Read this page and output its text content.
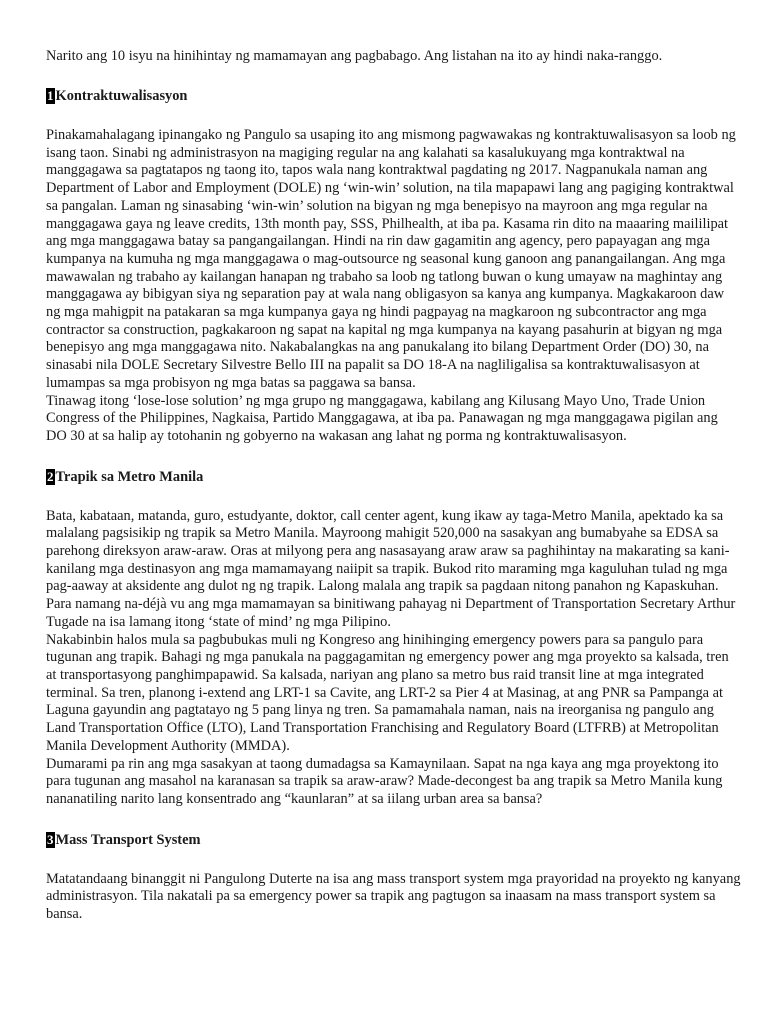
Narito ang 10 isyu na hinihintay ng mamamayan ang pagbabago. Ang listahan na ito ay hindi naka-ranggo.

1 Kontraktuwalisasyon

Pinakamahalagang ipinangako ng Pangulo sa usaping ito ang mismong pagwawakas ng kontraktuwalisasyon sa loob ng isang taon. Sinabi ng administrasyon na magiging regular na ang kalahati sa kasalukuyang mga kontraktwal na manggagawa sa pagtatapos ng taong ito, tapos wala nang kontraktwal pagdating ng 2017. Nagpanukala naman ang Department of Labor and Employment (DOLE) ng ‘win-win’ solution, na tila mapapawi lang ang pagiging kontraktwal sa pangalan. Laman ng sinasabing ‘win-win’ solution na bigyan ng mga benepisyo na mayroon ang mga regular na manggagawa gaya ng leave credits, 13th month pay, SSS, Philhealth, at iba pa. Kasama rin dito na maaaring maililipat ang mga manggagawa batay sa pangangailangan. Hindi na rin daw gagamitin ang agency, pero papayagan ang mga kumpanya na kumuha ng mga manggagawa o mag-outsource ng seasonal kung ganoon ang panangailangan. Ang mga mawawalan ng trabaho ay kailangan hanapan ng trabaho sa loob ng tatlong buwan o kung umayaw na maghintay ang manggagawa ay bibigyan siya ng separation pay at wala nang obligasyon sa kanya ang kumpanya. Magkakaroon daw ng mga mahigpit na patakaran sa mga kumpanya gaya ng hindi pagpayag na magkaroon ng subcontractor ang mga contractor sa construction, pagkakaroon ng sapat na kapital ng mga kumpanya na kayang pasahurin at bigyan ng mga benepisyo ang mga manggagawa nito. Nakabalangkas na ang panukalang ito bilang Department Order (DO) 30, na sinasabi nila DOLE Secretary Silvestre Bello III na papalit sa DO 18-A na nagliligalisa sa kontraktuwalisasyon at lumampas sa mga probisyon ng mga batas sa paggawa sa bansa.

Tinawag itong ‘lose-lose solution’ ng mga grupo ng manggagawa, kabilang ang Kilusang Mayo Uno, Trade Union Congress of the Philippines, Nagkaisa, Partido Manggagawa, at iba pa. Panawagan ng mga manggagawa pigilan ang DO 30 at sa halip ay totohanin ng gobyerno na wakasan ang lahat ng porma ng kontraktuwalisasyon.

2 Trapik sa Metro Manila

Bata, kabataan, matanda, guro, estudyante, doktor, call center agent, kung ikaw ay taga-Metro Manila, apektado ka sa malalang pagsisikip ng trapik sa Metro Manila. Mayroong mahigit 520,000 na sasakyan ang bumabyahe sa EDSA sa parehong direksyon araw-araw. Oras at milyong pera ang nasasayang araw araw sa paghihintay na makarating sa kani-kanilang mga destinasyon ang mga mamamayang naiipit sa trapik. Bukod rito maraming mga kaguluhan tulad ng mga pag-aaway at aksidente ang dulot ng ng trapik. Lalong malala ang trapik sa pagdaan nitong panahon ng Kapaskuhan.

Para namang na-déjà vu ang mga mamamayan sa binitiwang pahayag ni Department of Transportation Secretary Arthur Tugade na isa lamang itong ‘state of mind’ ng mga Pilipino.

Nakabinbin halos mula sa pagbubukas muli ng Kongreso ang hinihinging emergency powers para sa pangulo para tugunan ang trapik. Bahagi ng mga panukala na paggagamitan ng emergency power ang mga proyekto sa kalsada, tren at transportasyong panghimpapawid. Sa kalsada, nariyan ang plano sa metro bus raid transit line at mga integrated terminal. Sa tren, planong i-extend ang LRT-1 sa Cavite, ang LRT-2 sa Pier 4 at Masinag, at ang PNR sa Pampanga at Laguna gayundin ang pagtatayo ng 5 pang linya ng tren. Sa pamamahala naman, nais na ireorganisa ng pangulo ang Land Transportation Office (LTO), Land Transportation Franchising and Regulatory Board (LTFRB) at Metropolitan Manila Development Authority (MMDA).

Dumarami pa rin ang mga sasakyan at taong dumadagsa sa Kamaynilaan. Sapat na nga kaya ang mga proyektong ito para tugunan ang masahol na karanasan sa trapik sa araw-araw? Made-decongest ba ang trapik sa Metro Manila kung nananatiling narito lang konsentrado ang “kaunlaran” at sa iilang urban area sa bansa?

3 Mass Transport System

Matatandaang binanggit ni Pangulong Duterte na isa ang mass transport system mga prayoridad na proyekto ng kanyang administrasyon. Tila nakatali pa sa emergency power sa trapik ang pagtugon sa inaasam na mass transport system sa bansa.
